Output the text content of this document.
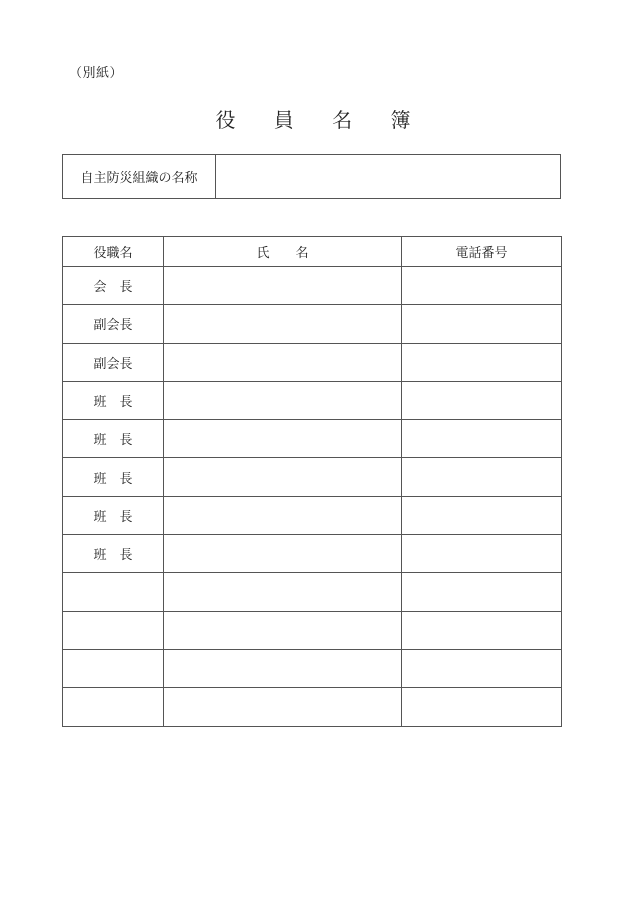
（別紙）
役 員 名 簿
自主防災組織の名称
役職名	氏　　名	電話番号
会　長		
副会長		
副会長		
班　長		
班　長		
班　長		
班　長		
班　長		
